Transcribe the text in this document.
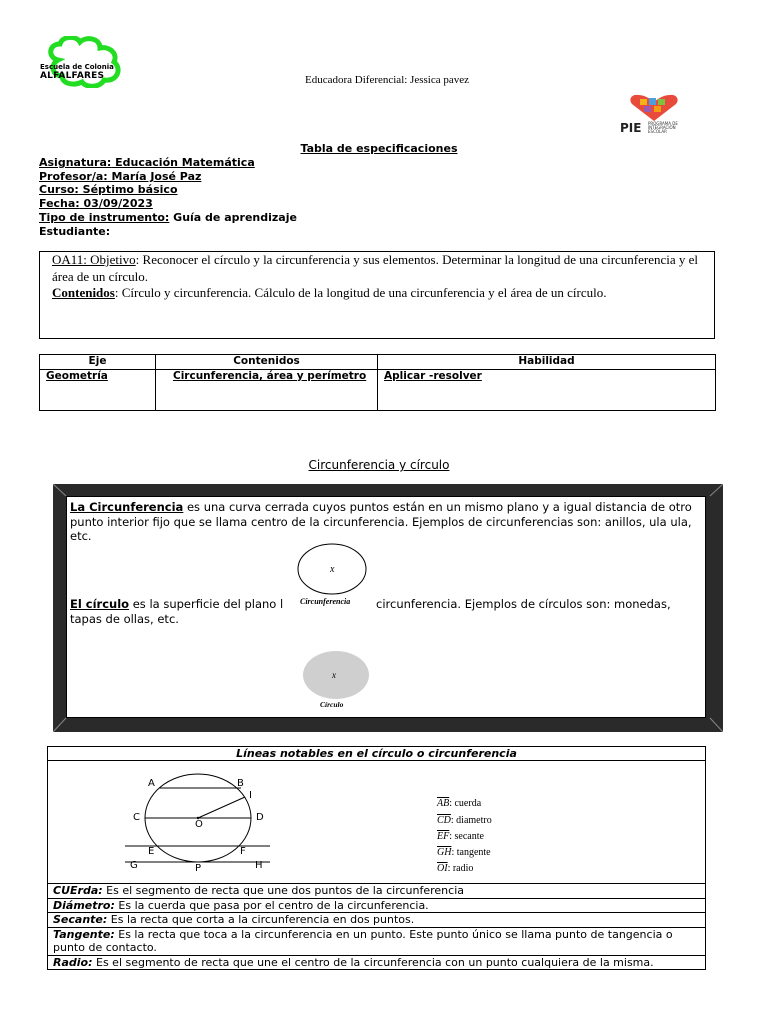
Escuela de Colonia
ALFALFARES	Educadora Diferencial: Jessica pavez
PIE PROGRAMA DE INTEGRACIÓN ESCOLAR
Tabla de especificaciones
Asignatura: Educación Matemática
Profesor/a: María José Paz
Curso: Séptimo básico
Fecha: 03/09/2023
Tipo de instrumento: Guía de aprendizaje
Estudiante:
OA11: Objetivo: Reconocer el círculo y la circunferencia y sus elementos. Determinar la longitud de una circunferencia y el área de un círculo.
Contenidos: Círculo y circunferencia. Cálculo de la longitud de una circunferencia y el área de un círculo.
Eje	Contenidos	Habilidad
Geometría	Circunferencia, área y perímetro	Aplicar -resolver
Circunferencia y círculo
La Circunferencia es una curva cerrada cuyos puntos están en un mismo plano y a igual distancia de otro punto interior fijo que se llama centro de la circunferencia. Ejemplos de circunferencias son: anillos, ula ula, etc.
x
Circunferencia
El círculo es la superficie del plano l	circunferencia. Ejemplos de círculos son: monedas,
tapas de ollas, etc.
x
Círculo
Líneas notables en el círculo o circunferencia

CUErda: Es el segmento de recta que une dos puntos de la circunferencia
Diámetro: Es la cuerda que pasa por el centro de la circunferencia.
Secante: Es la recta que corta a la circunferencia en dos puntos.
Tangente: Es la recta que toca a la circunferencia en un punto. Este punto único se llama punto de tangencia o punto de contacto.
Radio: Es el segmento de recta que une el centro de la circunferencia con un punto cualquiera de la misma.
A	B
I
C
O
D
E	F
G	P	H
$\overline{AB}$: cuerda
$\overline{CD}$: diametro
$\overline{EF}$: secante
$\overline{GH}$: tangente
$\overline{OI}$: radio
